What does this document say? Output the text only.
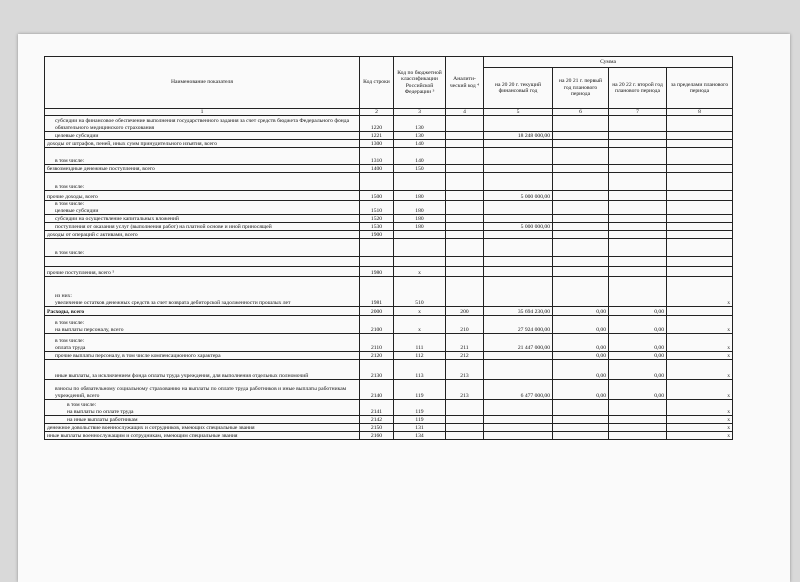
Наименование показателя	Код строки	Код по бюджетной классификации Российской Федерации ³	Аналити-ческий код ⁴	Сумма			
				на 20 20 г. текущий финансовый год	на 20 21 г. первый год планового периода	на 20 22 г. второй год планового периода	за пределами планового периода
1	2	3	4	5	6	7	8
субсидии на финансовое обеспечение выполнения государственного задания за счет средств бюджета Федерального фонда обязательного медицинского страхования	1220	130					
целевые субсидии	1221	130		18 248 000,00			
доходы от штрафов, пеней, иных сумм принудительного изъятия, всего	1300	140					
в том числе:	1310	140					
безвозмездные денежные поступления, всего	1400	150					
в том числе:							
прочие доходы, всего	1500	180		5 000 000,00			
в том числе:
целевые субсидии	1510	180					
субсидии на осуществление капитальных вложений	1520	180					
поступления от оказания услуг (выполнения работ) на платной основе и иной приносящей	1530	180		5 000 000,00			
доходы от операций с активами, всего	1900						
в том числе:							

прочие поступления, всего ⁵	1980	x					
из них:
увеличение остатков денежных средств за счет возврата дебиторской задолженности прошлых лет	1981	510					x
Расходы, всего	2000	x	200	35 694 230,00	0,00	0,00	
в том числе:
на выплаты персоналу, всего	2100	x	210	27 924 000,00	0,00	0,00	x
в том числе:
оплата труда	2110	111	211	21 447 000,00	0,00	0,00	x
прочие выплаты персоналу, в том числе компенсационного характера	2120	112	212		0,00	0,00	x
иные выплаты, за исключением фонда оплаты труда учреждения, для выполнения отдельных полномочий	2130	113	213		0,00	0,00	x
взносы по обязательному социальному страхованию на выплаты по оплате труда работников и иные выплаты работникам учреждений, всего	2140	119	213	6 477 000,00	0,00	0,00	x
в том числе:
на выплаты по оплате труда	2141	119					x
на иные выплаты работникам	2142	119					x
денежное довольствие военнослужащих и сотрудников, имеющих специальные звания	2150	131					x
иные выплаты военнослужащим и сотрудникам, имеющим специальные звания	2160	134					x
